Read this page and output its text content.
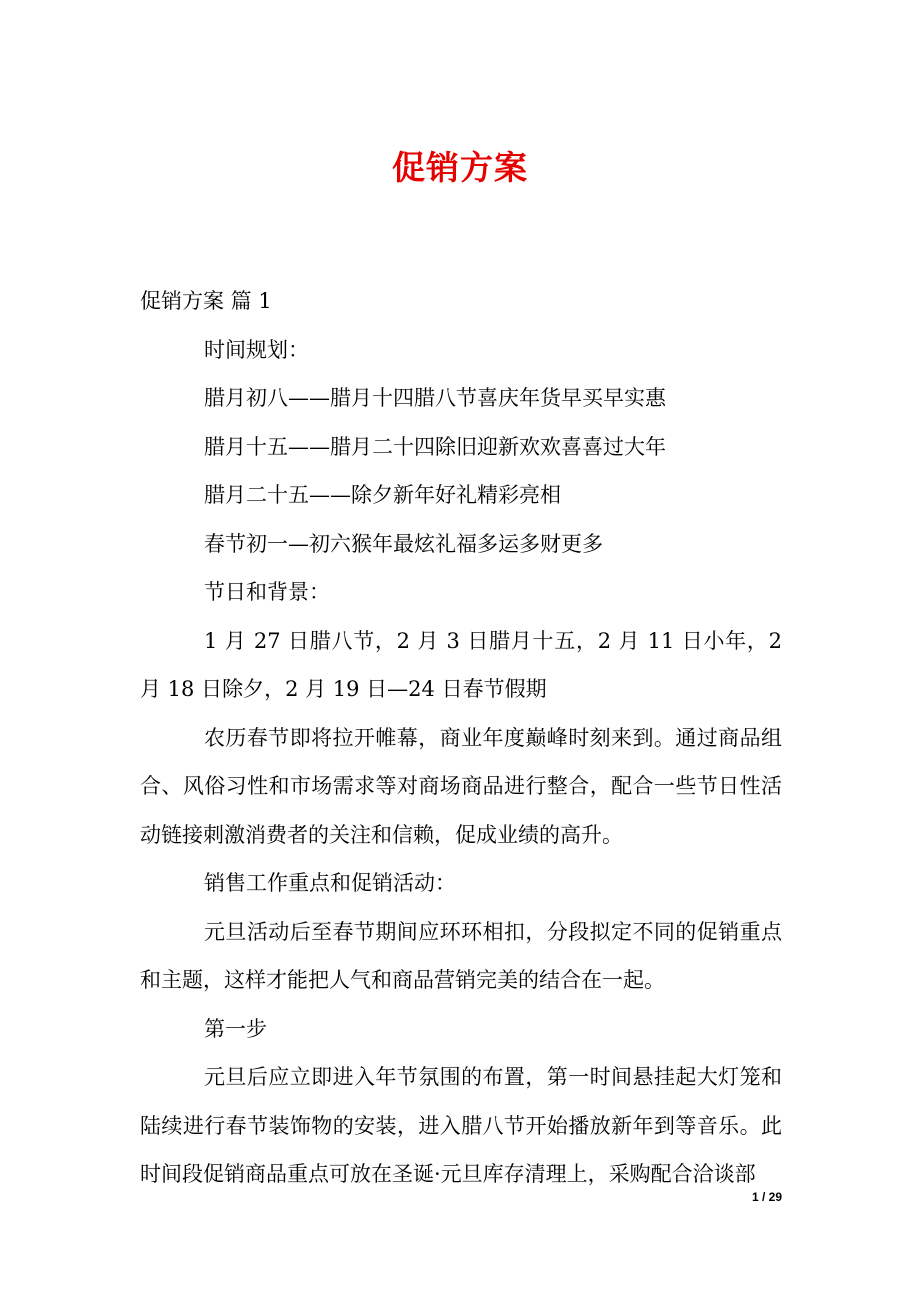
促销方案

促销方案 篇 1

时间规划：

腊月初八——腊月十四腊八节喜庆年货早买早实惠

腊月十五——腊月二十四除旧迎新欢欢喜喜过大年

腊月二十五——除夕新年好礼精彩亮相

春节初一—初六猴年最炫礼福多运多财更多

节日和背景：

1 月 27 日腊八节，2 月 3 日腊月十五，2 月 11 日小年，2 月 18 日除夕，2 月 19 日—24 日春节假期

农历春节即将拉开帷幕，商业年度巅峰时刻来到。通过商品组合、风俗习性和市场需求等对商场商品进行整合，配合一些节日性活动链接刺激消费者的关注和信赖，促成业绩的高升。

销售工作重点和促销活动：

元旦活动后至春节期间应环环相扣，分段拟定不同的促销重点和主题，这样才能把人气和商品营销完美的结合在一起。

第一步

元旦后应立即进入年节氛围的布置，第一时间悬挂起大灯笼和陆续进行春节装饰物的安装，进入腊八节开始播放新年到等音乐。此时间段促销商品重点可放在圣诞·元旦库存清理上，采购配合洽谈部

1 / 29
